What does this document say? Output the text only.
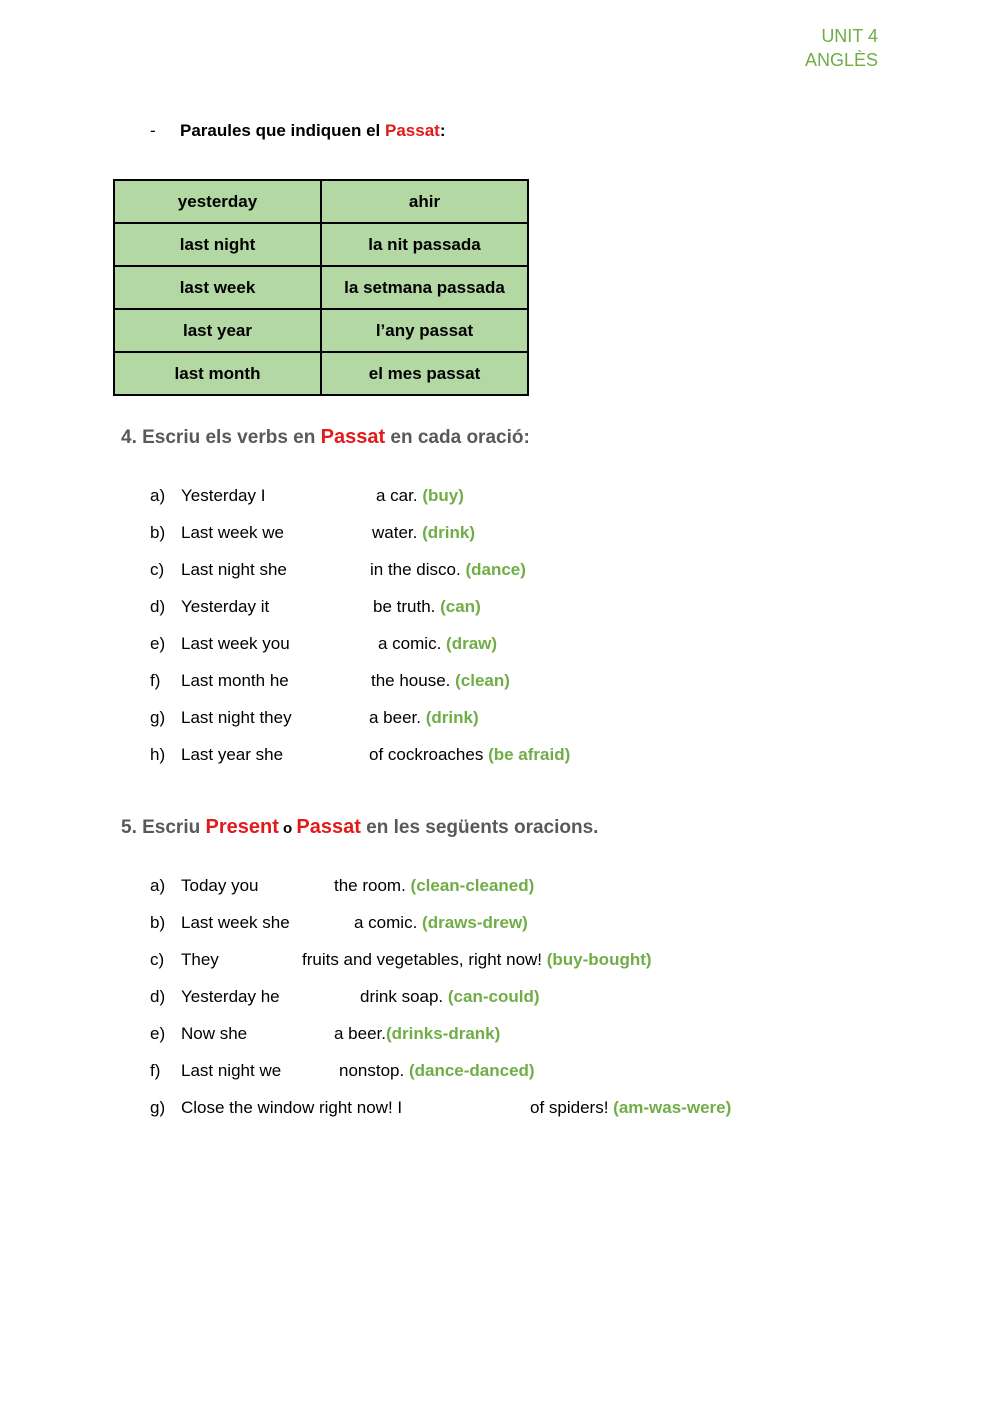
UNIT 4
ANGLÈS
- Paraules que indiquen el Passat:
yesterday	ahir
last night	la nit passada
last week	la setmana passada
last year	l’any passat
last month	el mes passat
4. Escriu els verbs en Passat en cada oració:
a) Yesterday I	a car. (buy)
b) Last week we	water. (drink)
c) Last night she	in the disco. (dance)
d) Yesterday it	be truth. (can)
e) Last week you	a comic. (draw)
f) Last month he	the house. (clean)
g) Last night they	a beer. (drink)
h) Last year she	of cockroaches (be afraid)
5. Escriu Present o Passat en les següents oracions.
a) Today you	the room. (clean-cleaned)
b) Last week she	a comic. (draws-drew)
c) They	fruits and vegetables, right now! (buy-bought)
d) Yesterday he	drink soap. (can-could)
e) Now she	a beer.(drinks-drank)
f) Last night we	nonstop. (dance-danced)
g) Close the window right now! I	of spiders! (am-was-were)
